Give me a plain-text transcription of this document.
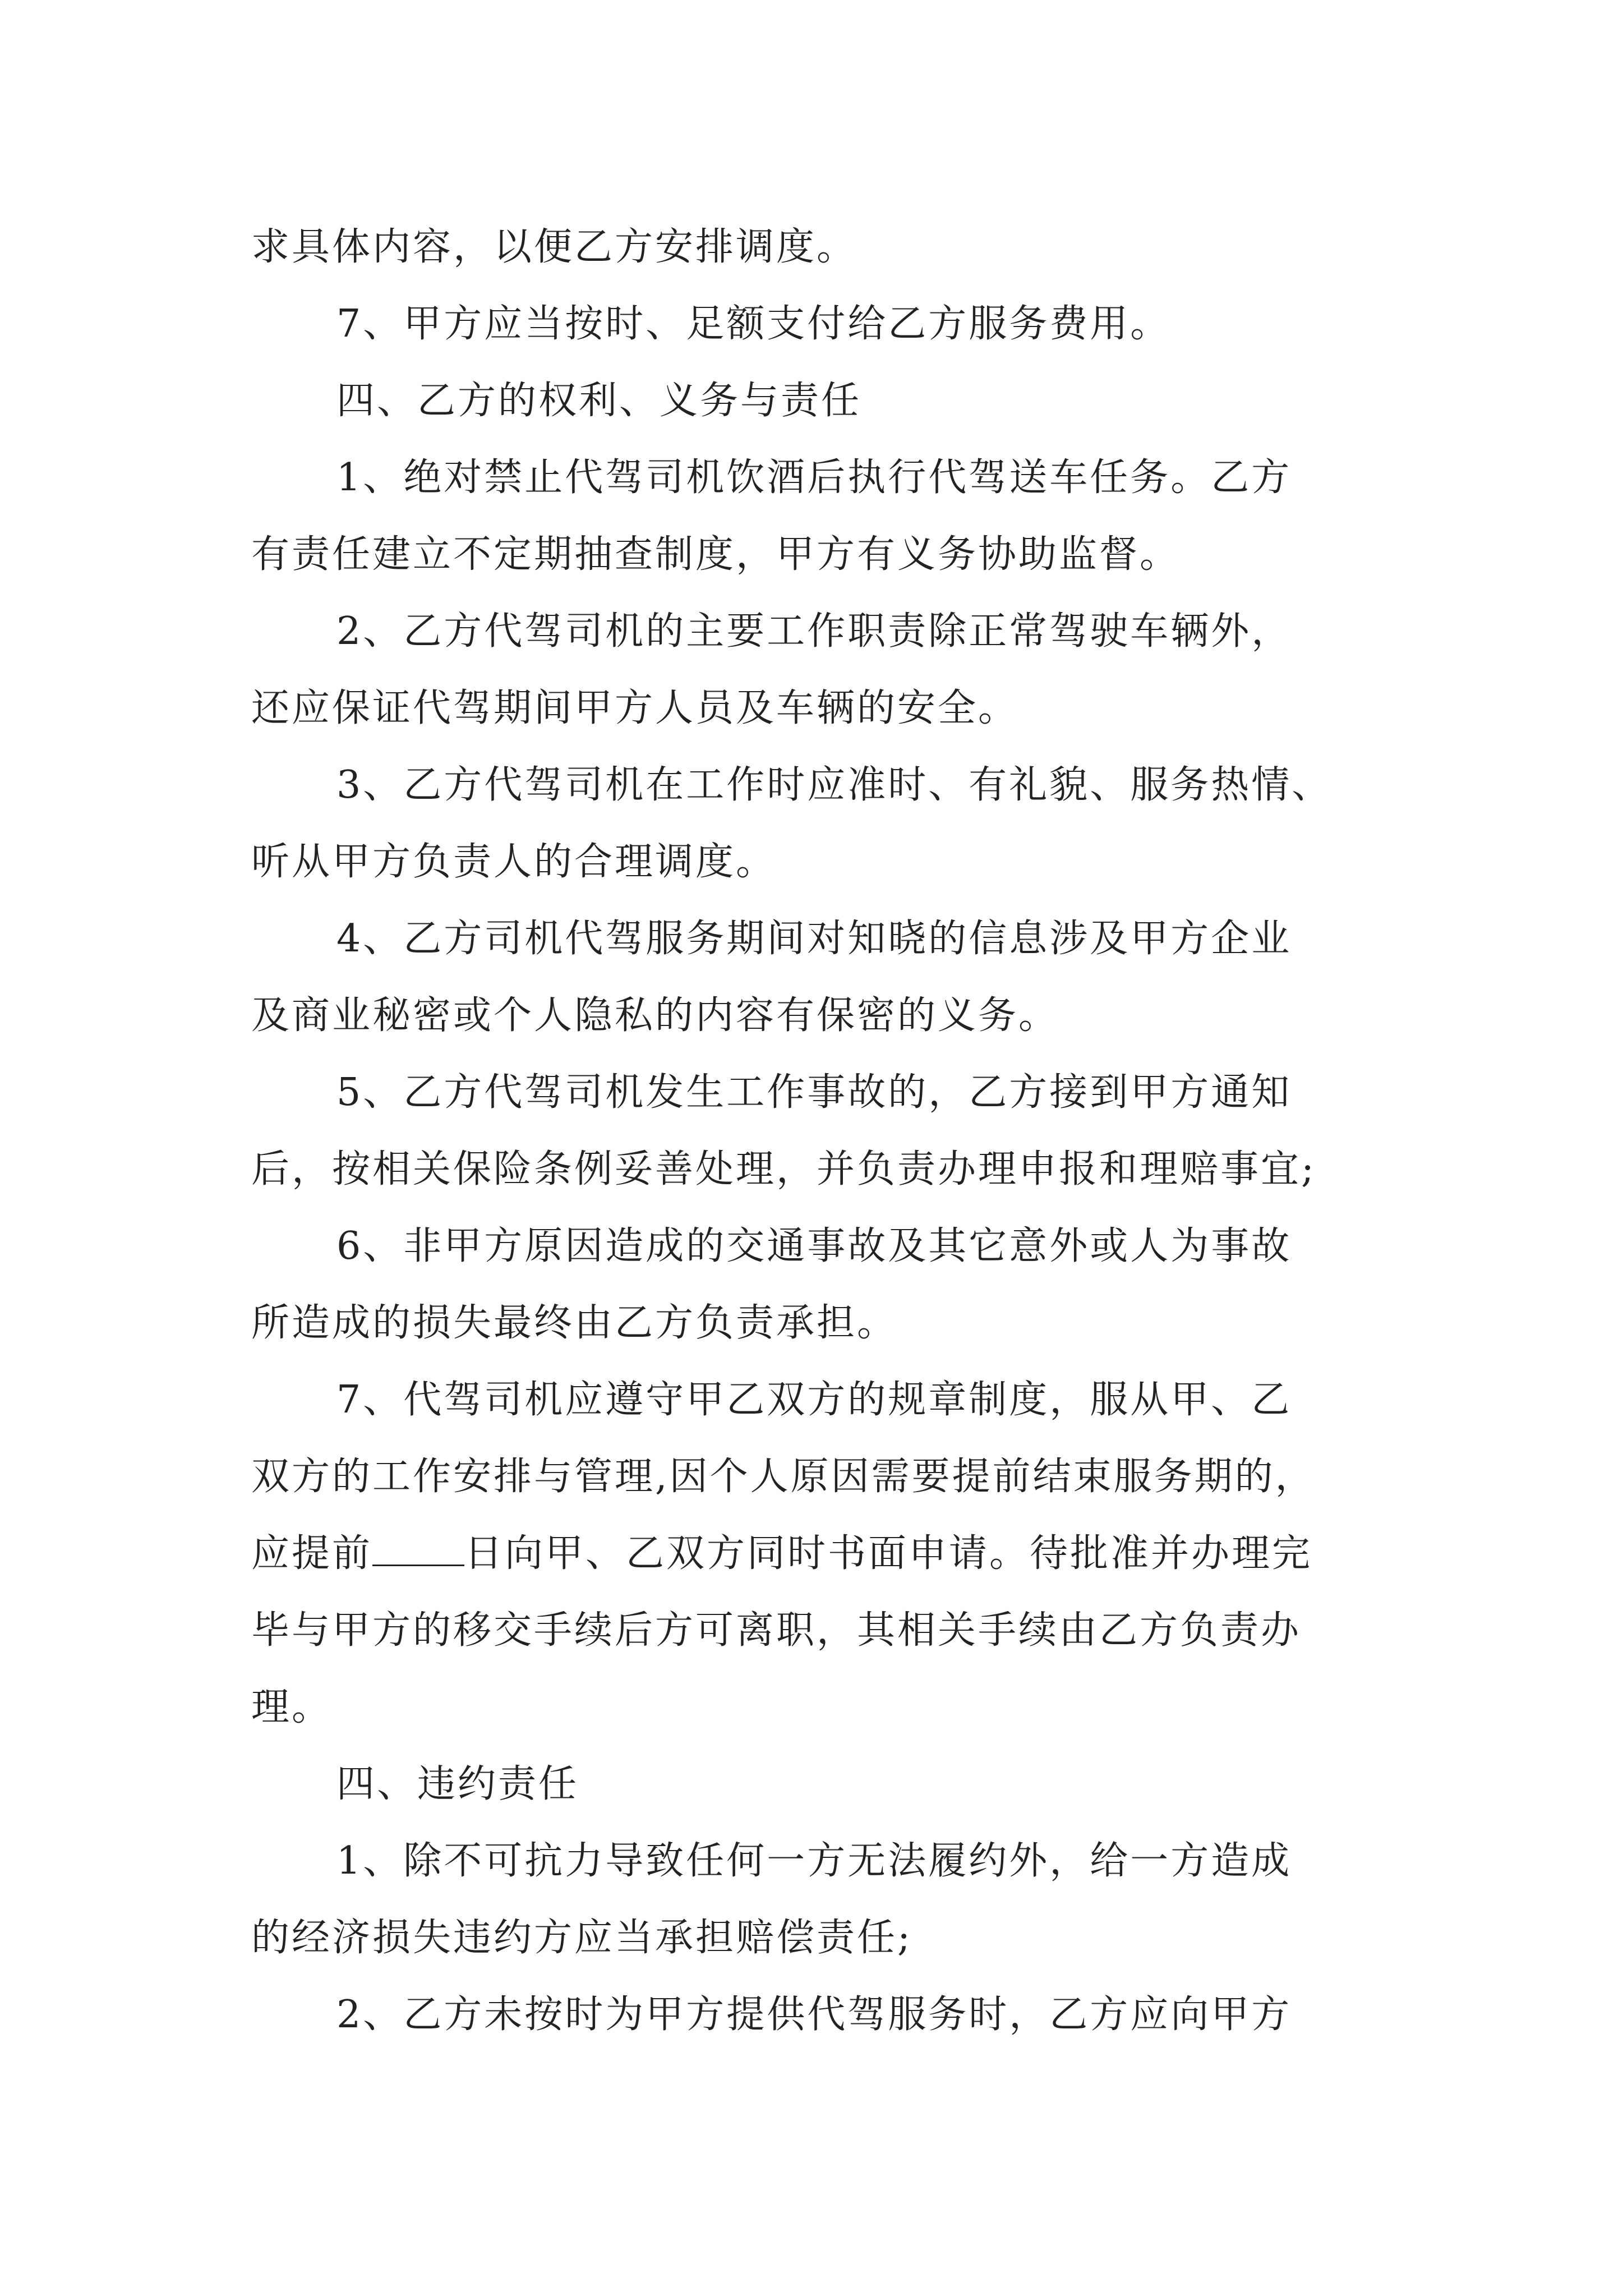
求具体内容，以便乙方安排调度。

7、甲方应当按时、足额支付给乙方服务费用。

四、乙方的权利、义务与责任

1、绝对禁止代驾司机饮酒后执行代驾送车任务。乙方

有责任建立不定期抽查制度，甲方有义务协助监督。

2、乙方代驾司机的主要工作职责除正常驾驶车辆外，

还应保证代驾期间甲方人员及车辆的安全。

3、乙方代驾司机在工作时应准时、有礼貌、服务热情、

听从甲方负责人的合理调度。

4、乙方司机代驾服务期间对知晓的信息涉及甲方企业

及商业秘密或个人隐私的内容有保密的义务。

5、乙方代驾司机发生工作事故的，乙方接到甲方通知

后，按相关保险条例妥善处理，并负责办理申报和理赔事宜;

6、非甲方原因造成的交通事故及其它意外或人为事故

所造成的损失最终由乙方负责承担。

7、代驾司机应遵守甲乙双方的规章制度，服从甲、乙

双方的工作安排与管理,因个人原因需要提前结束服务期的，

应提前 日向甲、乙双方同时书面申请。待批准并办理完

毕与甲方的移交手续后方可离职，其相关手续由乙方负责办

理。

四、违约责任

1、除不可抗力导致任何一方无法履约外，给一方造成

的经济损失违约方应当承担赔偿责任;

2、乙方未按时为甲方提供代驾服务时，乙方应向甲方
